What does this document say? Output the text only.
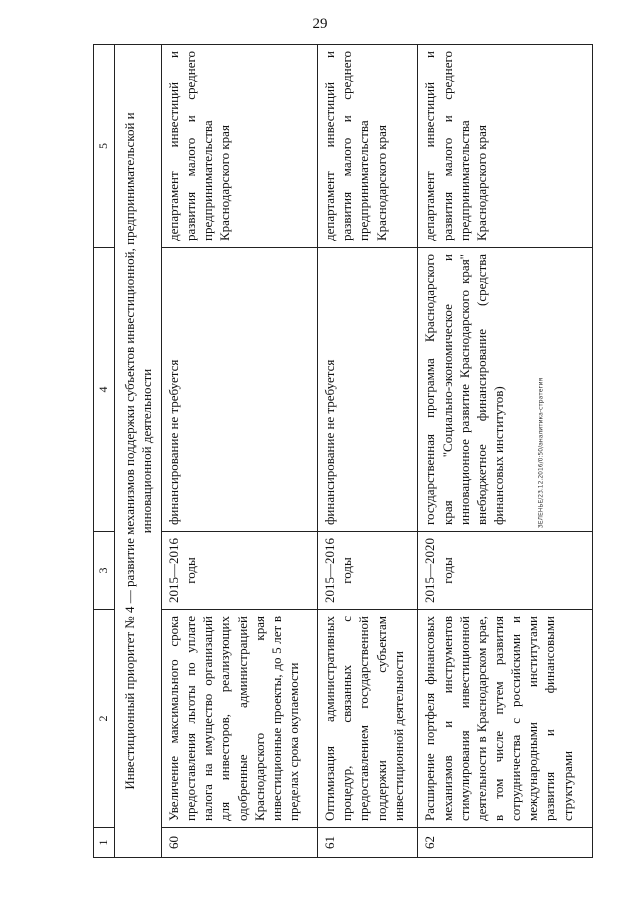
29
ЗЕЛЕНЬЕ/23.12.2016/0:50/аналитика-стратегия
1	2	3	4	5
Инвестиционный приоритет № 4 — развитие механизмов поддержки субъектов инвестиционной, предпринимательской и инновационной деятельности				
60	Увеличение максимального срока предоставления льготы по уплате налога на имущество организаций для инвесторов, реализующих одобренные администрацией Краснодарского края инвестиционные проекты, до 5 лет в пределах срока окупаемости	2015—2016 годы	финансирование не требуется	департамент инвестиций и развития малого и среднего предпринимательства Краснодарского края
61	Оптимизация административных процедур, связанных с предоставлением государственной поддержки субъектам инвестиционной деятельности	2015—2016 годы	финансирование не требуется	департамент инвестиций и развития малого и среднего предпринимательства Краснодарского края
62	Расширение портфеля финансовых механизмов и инструментов стимулирования инвестиционной деятельности в Краснодарском крае, в том числе путем развития сотрудничества с российскими и международными институтами развития и финансовыми структурами	2015—2020 годы	государственная программа Краснодарского края "Социально-экономическое и инновационное развитие Краснодарского края" внебюджетное финансирование (средства финансовых институтов)	департамент инвестиций и развития малого и среднего предпринимательства Краснодарского края
